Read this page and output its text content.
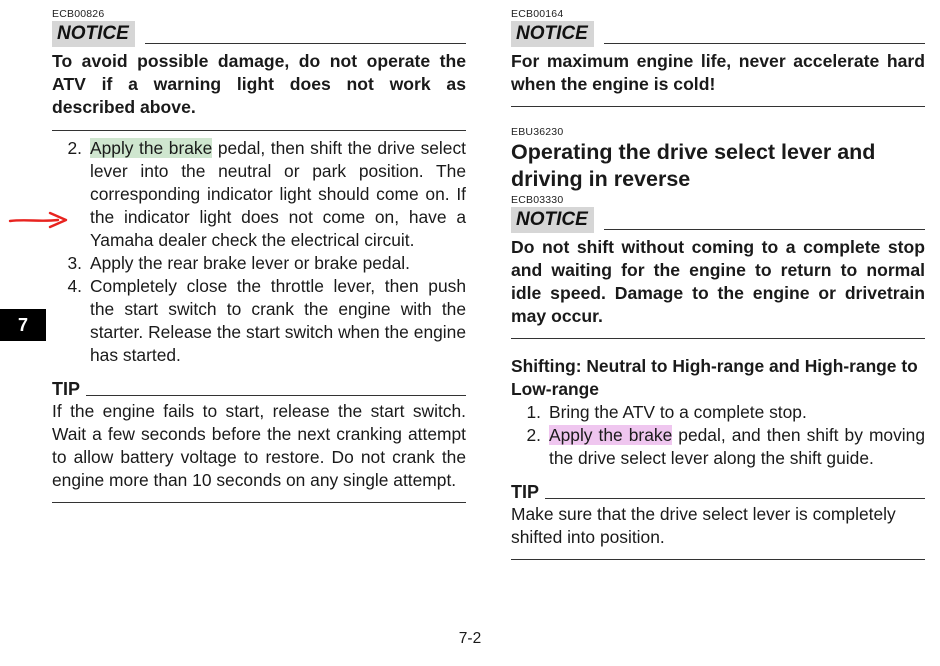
ECB00826
NOTICE
To avoid possible damage, do not operate the ATV if a warning light does not work as described above.
2. Apply the brake pedal, then shift the drive select lever into the neutral or park position. The corresponding indicator light should come on. If the indicator light does not come on, have a Yamaha dealer check the electrical circuit.
3. Apply the rear brake lever or brake pedal.
4. Completely close the throttle lever, then push the start switch to crank the engine with the starter. Release the start switch when the engine has started.
TIP
If the engine fails to start, release the start switch. Wait a few seconds before the next cranking attempt to allow battery voltage to restore. Do not crank the engine more than 10 seconds on any single attempt.
ECB00164
NOTICE
For maximum engine life, never accelerate hard when the engine is cold!
EBU36230
Operating the drive select lever and driving in reverse
ECB03330
NOTICE
Do not shift without coming to a complete stop and waiting for the engine to return to normal idle speed. Damage to the engine or drivetrain may occur.
Shifting: Neutral to High-range and High-range to Low-range
1. Bring the ATV to a complete stop.
2. Apply the brake pedal, and then shift by moving the drive select lever along the shift guide.
TIP
Make sure that the drive select lever is completely shifted into position.
7
7-2
